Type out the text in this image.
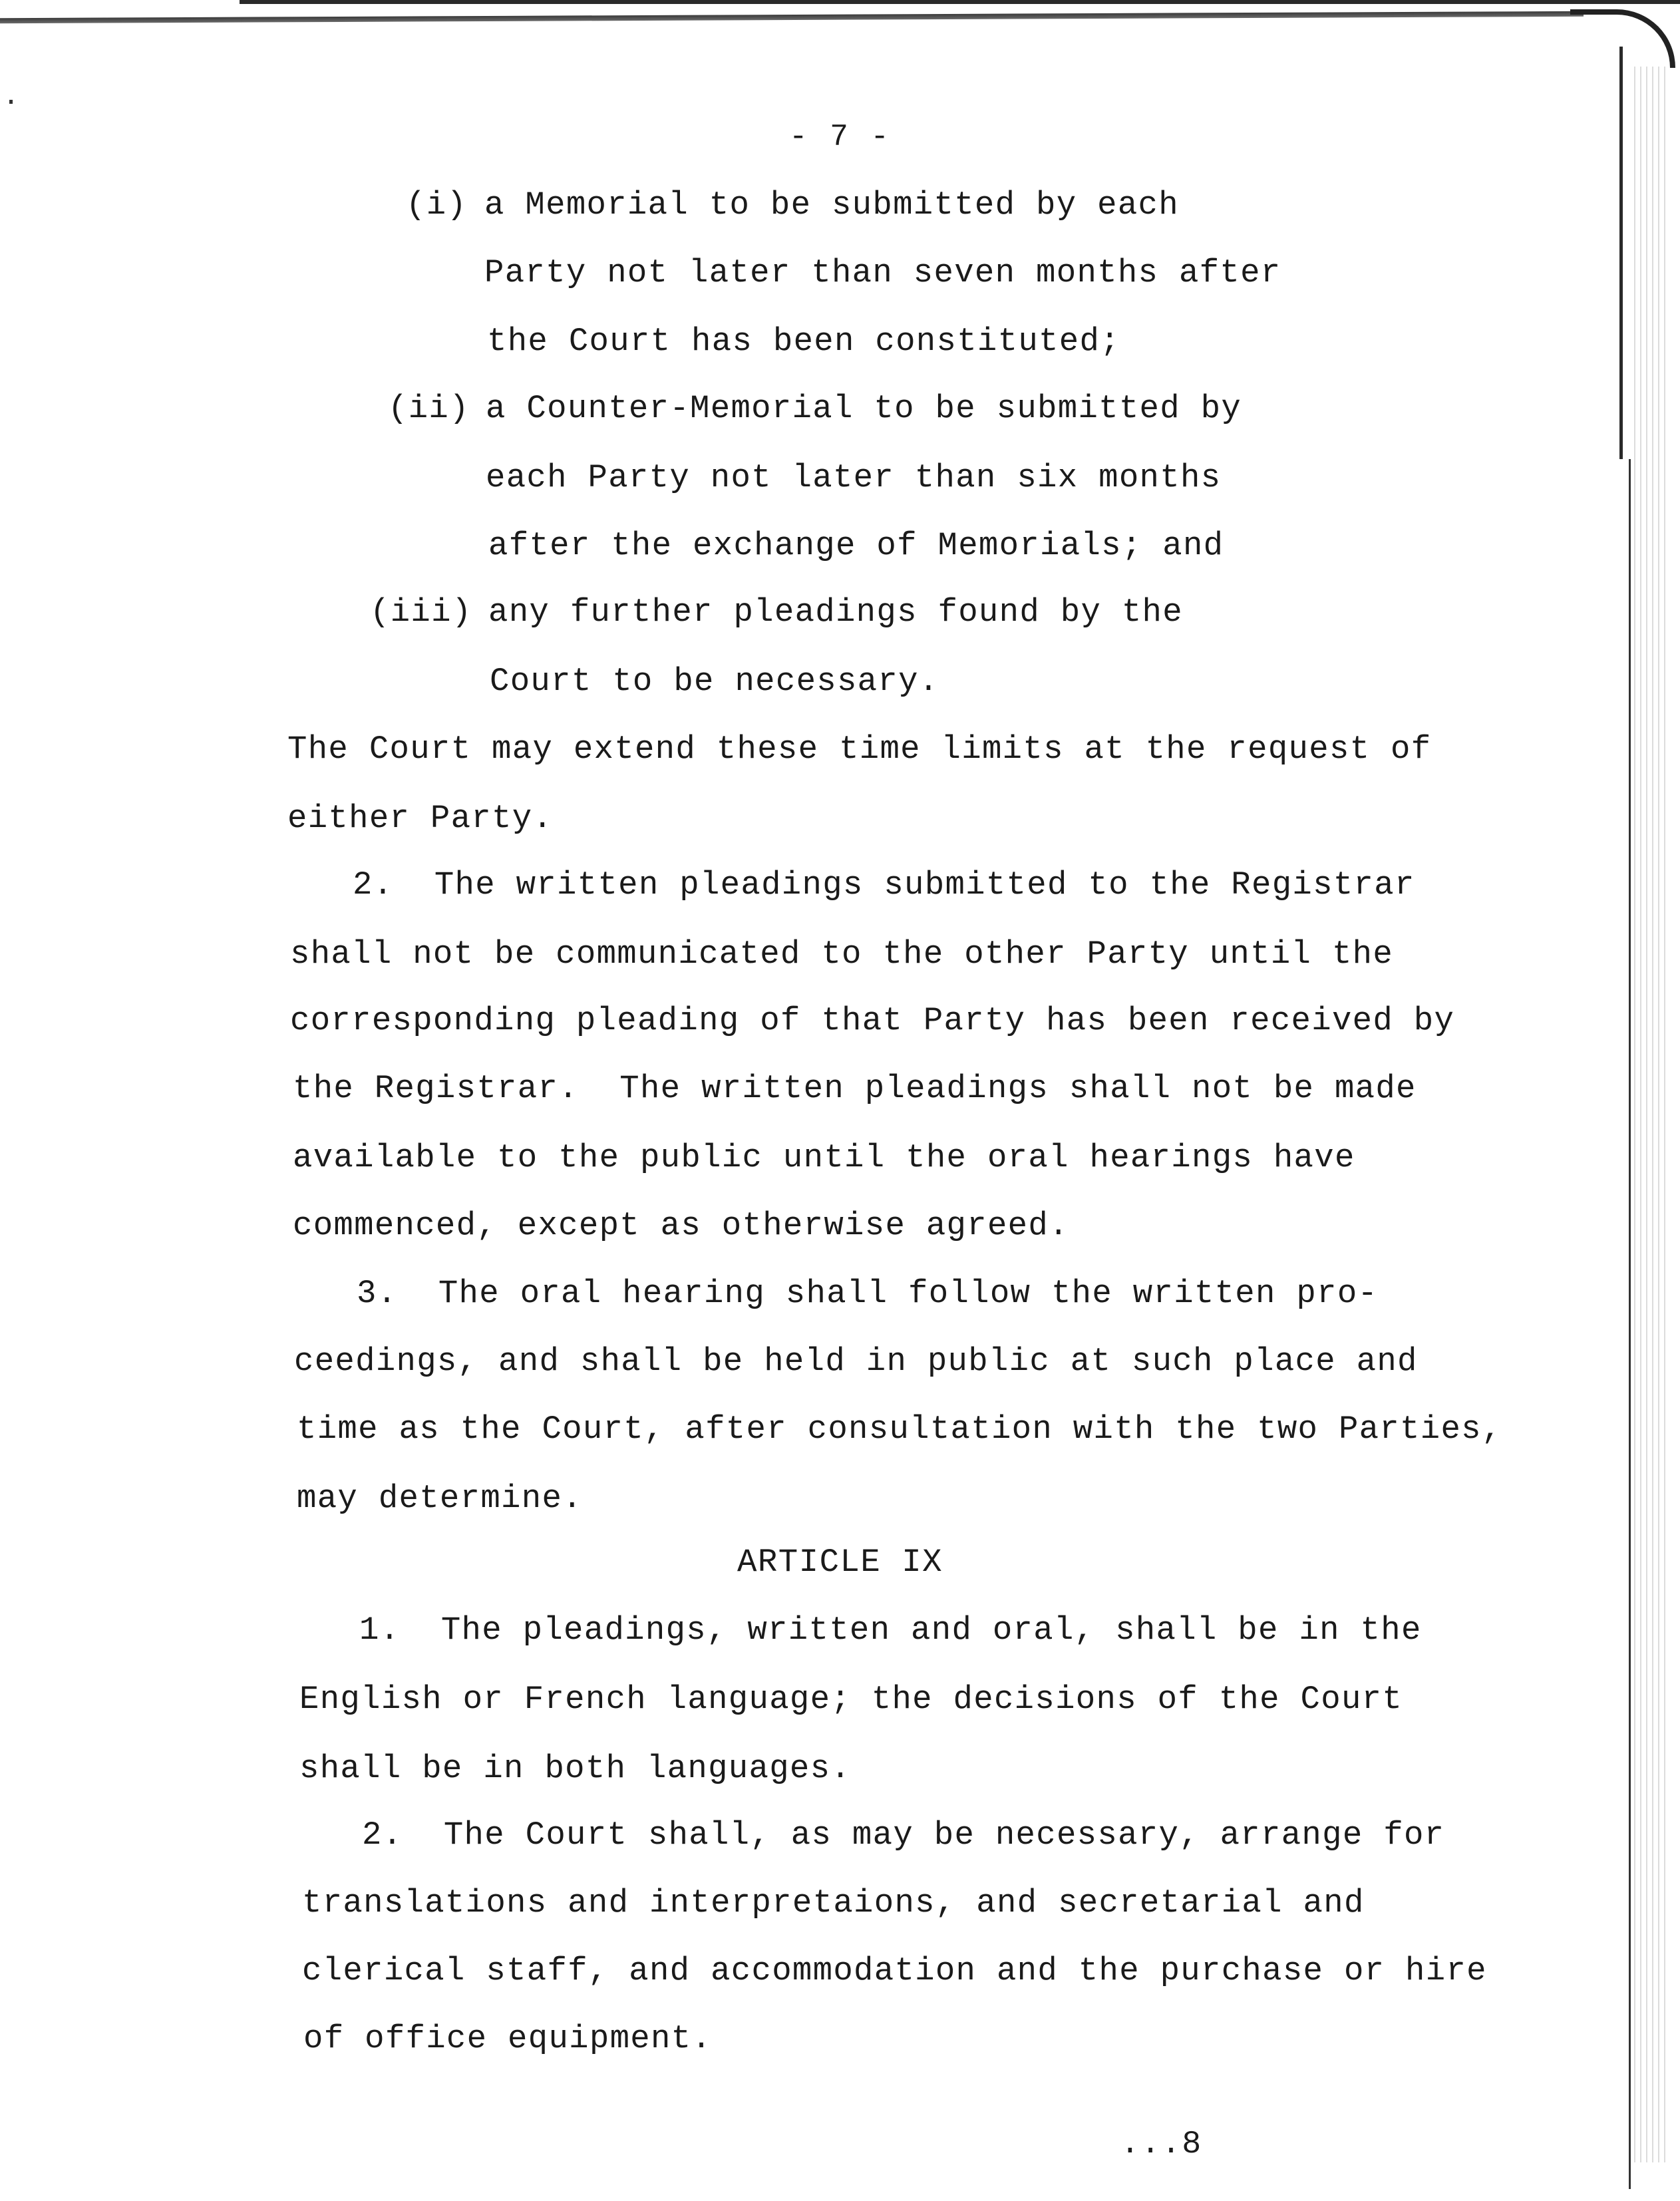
- 7 -
(i) a Memorial to be submitted by each
Party not later than seven months after
the Court has been constituted;
(ii) a Counter-Memorial to be submitted by
each Party not later than six months
after the exchange of Memorials; and
(iii) any further pleadings found by the
Court to be necessary.
The Court may extend these time limits at the request of
either Party.
2.  The written pleadings submitted to the Registrar
shall not be communicated to the other Party until the
corresponding pleading of that Party has been received by
the Registrar.  The written pleadings shall not be made
available to the public until the oral hearings have
commenced, except as otherwise agreed.
3.  The oral hearing shall follow the written pro-
ceedings, and shall be held in public at such place and
time as the Court, after consultation with the two Parties,
may determine.
ARTICLE IX
1.  The pleadings, written and oral, shall be in the
English or French language; the decisions of the Court
shall be in both languages.
2.  The Court shall, as may be necessary, arrange for
translations and interpretaions, and secretarial and
clerical staff, and accommodation and the purchase or hire
of office equipment.
...8
